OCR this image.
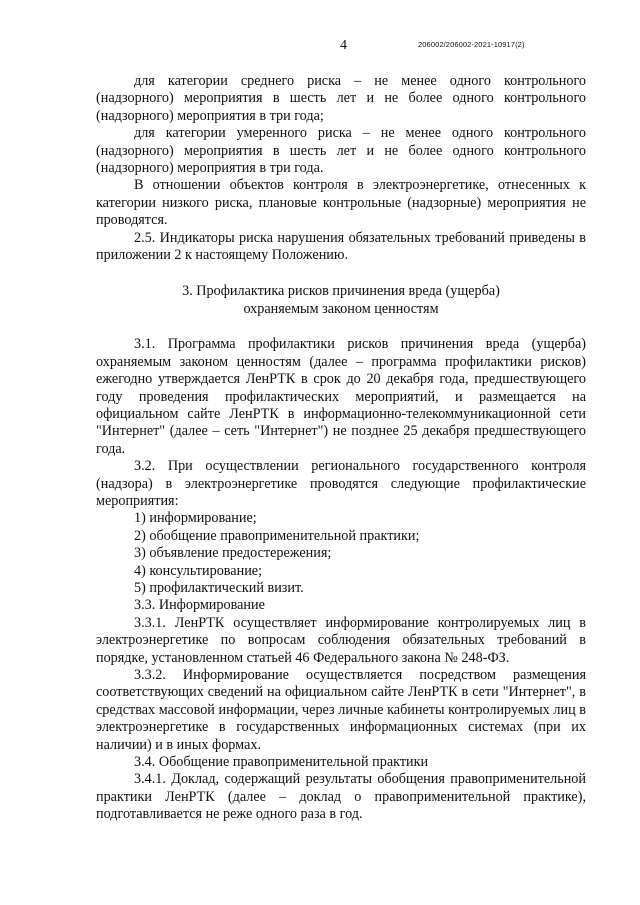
4	206002/206002-2021-10917(2)

для категории среднего риска – не менее одного контрольного (надзорного) мероприятия в шесть лет и не более одного контрольного (надзорного) мероприятия в три года;

для категории умеренного риска – не менее одного контрольного (надзорного) мероприятия в шесть лет и не более одного контрольного (надзорного) мероприятия в три года.

В отношении объектов контроля в электроэнергетике, отнесенных к категории низкого риска, плановые контрольные (надзорные) мероприятия не проводятся.

2.5. Индикаторы риска нарушения обязательных требований приведены в приложении 2 к настоящему Положению.

3. Профилактика рисков причинения вреда (ущерба)
охраняемым законом ценностям

3.1. Программа профилактики рисков причинения вреда (ущерба) охраняемым законом ценностям (далее – программа профилактики рисков) ежегодно утверждается ЛенРТК в срок до 20 декабря года, предшествующего году проведения профилактических мероприятий, и размещается на официальном сайте ЛенРТК в информационно-телекоммуникационной сети "Интернет" (далее – сеть "Интернет") не позднее 25 декабря предшествующего года.

3.2. При осуществлении регионального государственного контроля (надзора) в электроэнергетике проводятся следующие профилактические мероприятия:

1) информирование;

2) обобщение правоприменительной практики;

3) объявление предостережения;

4) консультирование;

5) профилактический визит.

3.3. Информирование

3.3.1. ЛенРТК осуществляет информирование контролируемых лиц в электроэнергетике по вопросам соблюдения обязательных требований в порядке, установленном статьей 46 Федерального закона № 248-ФЗ.

3.3.2. Информирование осуществляется посредством размещения соответствующих сведений на официальном сайте ЛенРТК в сети "Интернет", в средствах массовой информации, через личные кабинеты контролируемых лиц в электроэнергетике в государственных информационных системах (при их наличии) и в иных формах.

3.4. Обобщение правоприменительной практики

3.4.1. Доклад, содержащий результаты обобщения правоприменительной практики ЛенРТК (далее – доклад о правоприменительной практике), подготавливается не реже одного раза в год.
